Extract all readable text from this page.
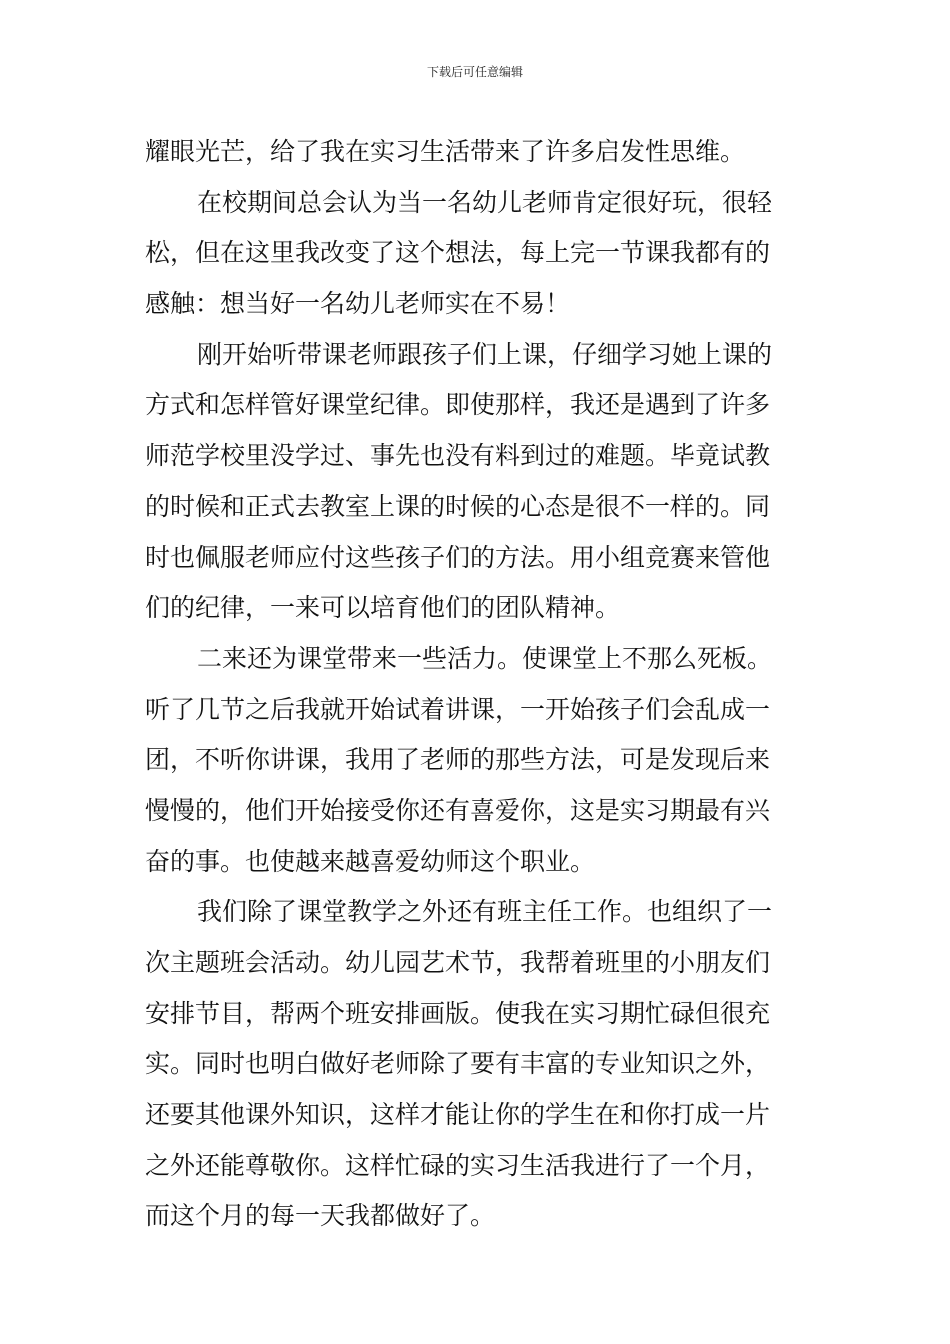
下载后可任意编辑
耀眼光芒，给了我在实习生活带来了许多启发性思维。
在校期间总会认为当一名幼儿老师肯定很好玩，很轻
松，但在这里我改变了这个想法，每上完一节课我都有的
感触：想当好一名幼儿老师实在不易！
刚开始听带课老师跟孩子们上课，仔细学习她上课的
方式和怎样管好课堂纪律。即使那样，我还是遇到了许多
师范学校里没学过、事先也没有料到过的难题。毕竟试教
的时候和正式去教室上课的时候的心态是很不一样的。同
时也佩服老师应付这些孩子们的方法。用小组竞赛来管他
们的纪律，一来可以培育他们的团队精神。
二来还为课堂带来一些活力。使课堂上不那么死板。
听了几节之后我就开始试着讲课，一开始孩子们会乱成一
团，不听你讲课，我用了老师的那些方法，可是发现后来
慢慢的，他们开始接受你还有喜爱你，这是实习期最有兴
奋的事。也使越来越喜爱幼师这个职业。
我们除了课堂教学之外还有班主任工作。也组织了一
次主题班会活动。幼儿园艺术节，我帮着班里的小朋友们
安排节目，帮两个班安排画版。使我在实习期忙碌但很充
实。同时也明白做好老师除了要有丰富的专业知识之外，
还要其他课外知识，这样才能让你的学生在和你打成一片
之外还能尊敬你。这样忙碌的实习生活我进行了一个月，
而这个月的每一天我都做好了。
